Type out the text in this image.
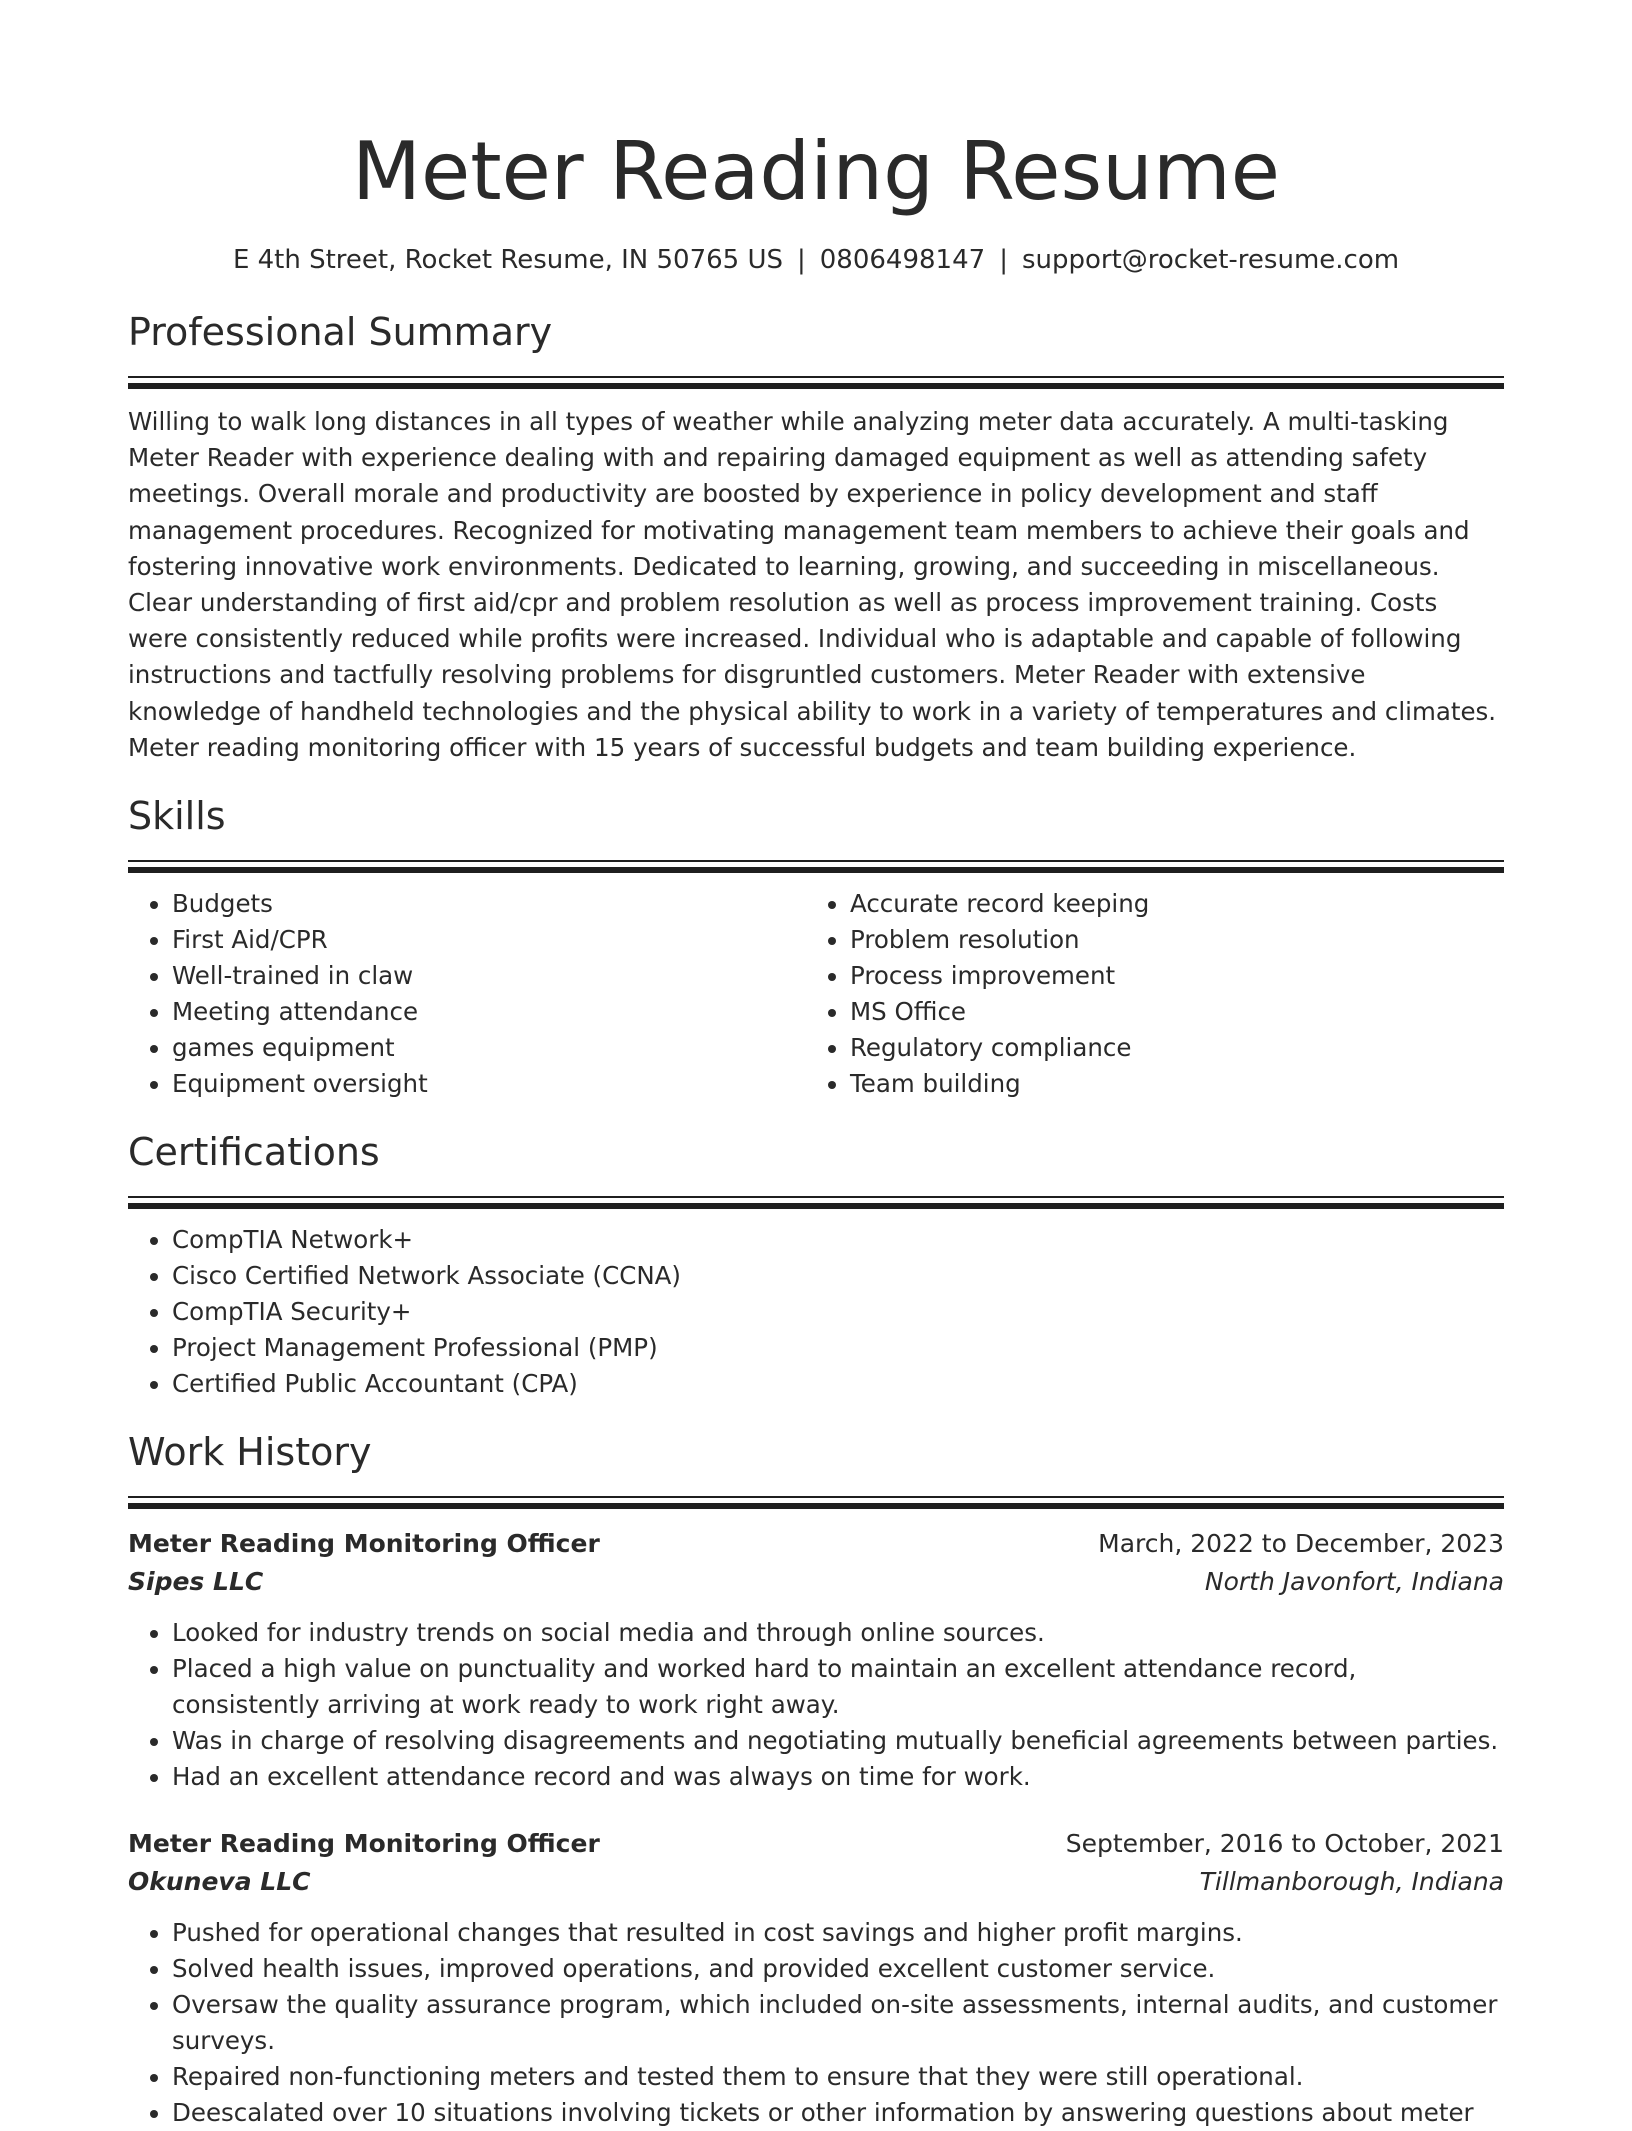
Meter Reading Resume
E 4th Street, Rocket Resume, IN 50765 US | 0806498147 | support@rocket-resume.com
Professional Summary

Willing to walk long distances in all types of weather while analyzing meter data accurately. A multi-tasking Meter Reader with experience dealing with and repairing damaged equipment as well as attending safety meetings. Overall morale and productivity are boosted by experience in policy development and staff management procedures. Recognized for motivating management team members to achieve their goals and fostering innovative work environments. Dedicated to learning, growing, and succeeding in miscellaneous. Clear understanding of first aid/cpr and problem resolution as well as process improvement training. Costs were consistently reduced while profits were increased. Individual who is adaptable and capable of following instructions and tactfully resolving problems for disgruntled customers. Meter Reader with extensive knowledge of handheld technologies and the physical ability to work in a variety of temperatures and climates. Meter reading monitoring officer with 15 years of successful budgets and team building experience.

Skills
• Budgets
• First Aid/CPR
• Well-trained in claw
• Meeting attendance
• games equipment
• Equipment oversight
• Accurate record keeping
• Problem resolution
• Process improvement
• MS Office
• Regulatory compliance
• Team building
Certifications
• CompTIA Network+
• Cisco Certified Network Associate (CCNA)
• CompTIA Security+
• Project Management Professional (PMP)
• Certified Public Accountant (CPA)
Work History
Meter Reading Monitoring Officer	March, 2022 to December, 2023
Sipes LLC	North Javonfort, Indiana
• Looked for industry trends on social media and through online sources.
• Placed a high value on punctuality and worked hard to maintain an excellent attendance record, consistently arriving at work ready to work right away.
• Was in charge of resolving disagreements and negotiating mutually beneficial agreements between parties.
• Had an excellent attendance record and was always on time for work.
Meter Reading Monitoring Officer	September, 2016 to October, 2021
Okuneva LLC	Tillmanborough, Indiana
• Pushed for operational changes that resulted in cost savings and higher profit margins.
• Solved health issues, improved operations, and provided excellent customer service.
• Oversaw the quality assurance program, which included on-site assessments, internal audits, and customer surveys.
• Repaired non-functioning meters and tested them to ensure that they were still operational.
• Deescalated over 10 situations involving tickets or other information by answering questions about meter
